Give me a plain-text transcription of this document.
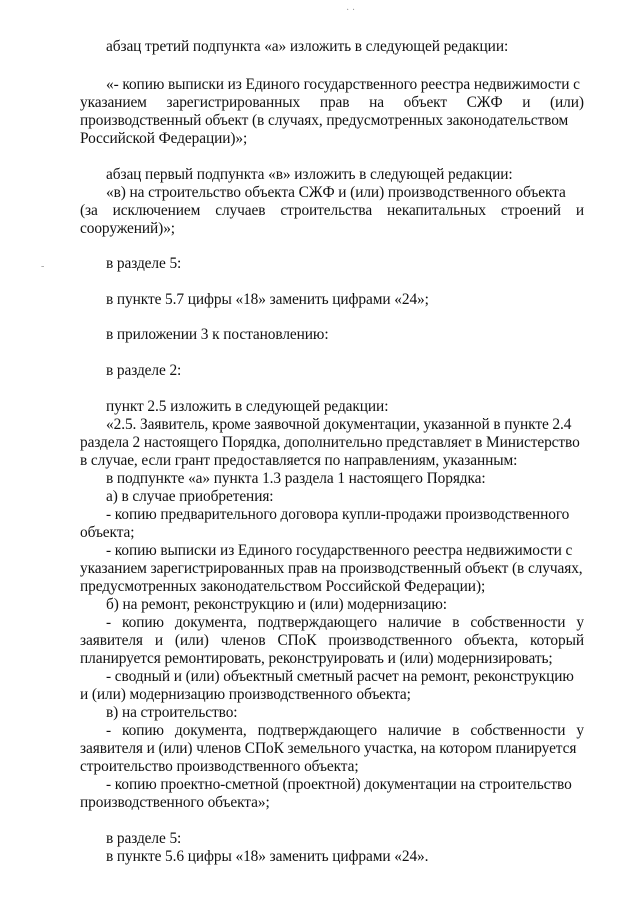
абзац третий подпункта «а» изложить в следующей редакции:
«- копию выписки из Единого государственного реестра недвижимости с
указанием зарегистрированных прав на объект СЖФ и (или)
производственный объект (в случаях, предусмотренных законодательством
Российской Федерации)»;
абзац первый подпункта «в» изложить в следующей редакции:
«в) на строительство объекта СЖФ и (или) производственного объекта
(за исключением случаев строительства некапитальных строений и
сооружений)»;
в разделе 5:
в пункте 5.7 цифры «18» заменить цифрами «24»;
в приложении 3 к постановлению:
в разделе 2:
пункт 2.5 изложить в следующей редакции:
«2.5. Заявитель, кроме заявочной документации, указанной в пункте 2.4
раздела 2 настоящего Порядка, дополнительно представляет в Министерство
в случае, если грант предоставляется по направлениям, указанным:
в подпункте «а» пункта 1.3 раздела 1 настоящего Порядка:
а) в случае приобретения:
- копию предварительного договора купли-продажи производственного
объекта;
- копию выписки из Единого государственного реестра недвижимости с
указанием зарегистрированных прав на производственный объект (в случаях,
предусмотренных законодательством Российской Федерации);
б) на ремонт, реконструкцию и (или) модернизацию:
- копию документа, подтверждающего наличие в собственности у
заявителя и (или) членов СПоК производственного объекта, который
планируется ремонтировать, реконструировать и (или) модернизировать;
- сводный и (или) объектный сметный расчет на ремонт, реконструкцию
и (или) модернизацию производственного объекта;
в) на строительство:
- копию документа, подтверждающего наличие в собственности у
заявителя и (или) членов СПоК земельного участка, на котором планируется
строительство производственного объекта;
- копию проектно-сметной (проектной) документации на строительство
производственного объекта»;
в разделе 5:
в пункте 5.6 цифры «18» заменить цифрами «24».
· ·
-
